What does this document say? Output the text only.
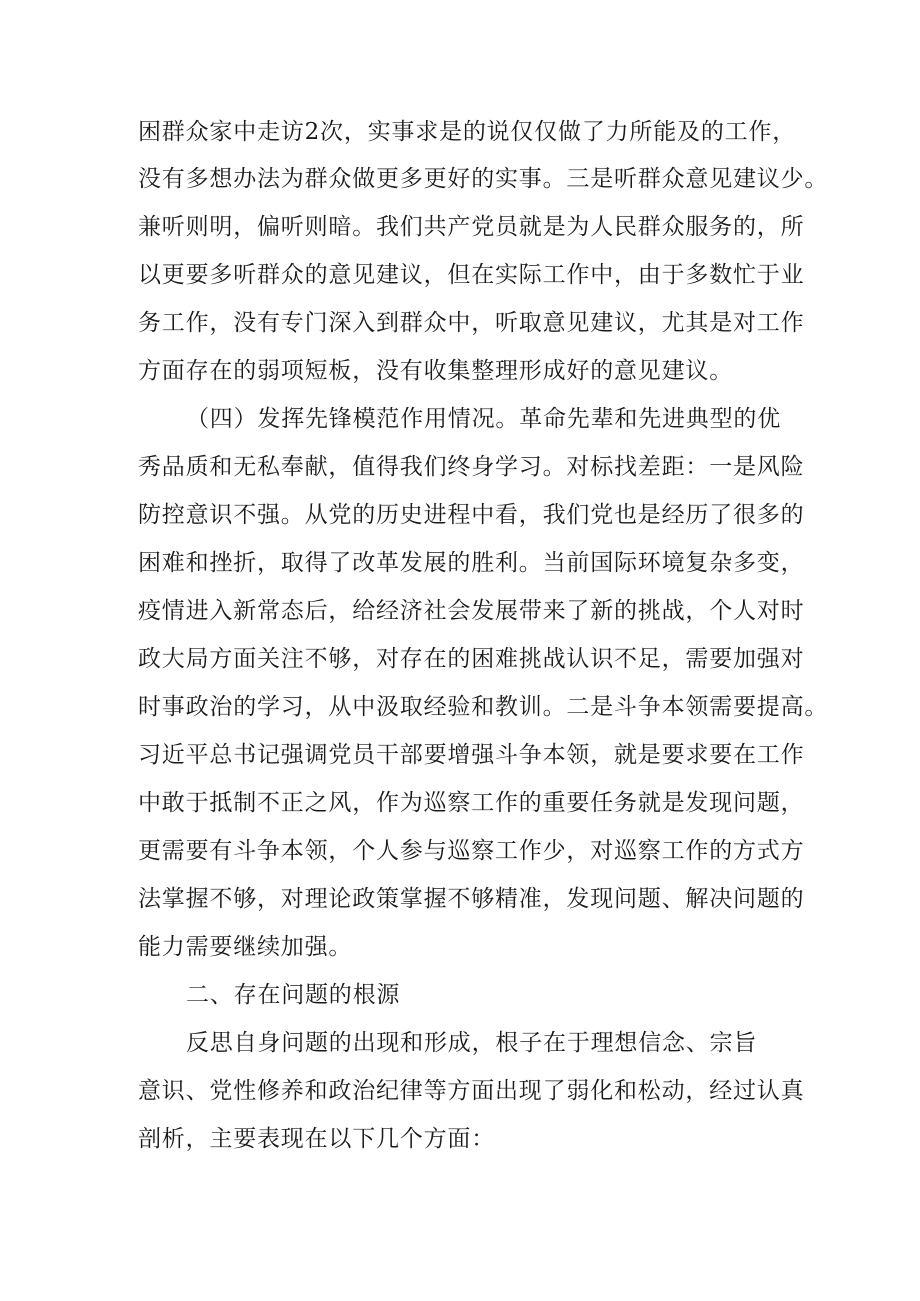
困群众家中走访2次，实事求是的说仅仅做了力所能及的工作，
没有多想办法为群众做更多更好的实事。三是听群众意见建议少。
兼听则明，偏听则暗。我们共产党员就是为人民群众服务的，所
以更要多听群众的意见建议，但在实际工作中，由于多数忙于业
务工作，没有专门深入到群众中，听取意见建议，尤其是对工作
方面存在的弱项短板，没有收集整理形成好的意见建议。
（四）发挥先锋模范作用情况。革命先辈和先进典型的优
秀品质和无私奉献，值得我们终身学习。对标找差距：一是风险
防控意识不强。从党的历史进程中看，我们党也是经历了很多的
困难和挫折，取得了改革发展的胜利。当前国际环境复杂多变，
疫情进入新常态后，给经济社会发展带来了新的挑战，个人对时
政大局方面关注不够，对存在的困难挑战认识不足，需要加强对
时事政治的学习，从中汲取经验和教训。二是斗争本领需要提高。
习近平总书记强调党员干部要增强斗争本领，就是要求要在工作
中敢于抵制不正之风，作为巡察工作的重要任务就是发现问题，
更需要有斗争本领，个人参与巡察工作少，对巡察工作的方式方
法掌握不够，对理论政策掌握不够精准，发现问题、解决问题的
能力需要继续加强。
二、存在问题的根源
反思自身问题的出现和形成，根子在于理想信念、宗旨
意识、党性修养和政治纪律等方面出现了弱化和松动，经过认真
剖析，主要表现在以下几个方面：
